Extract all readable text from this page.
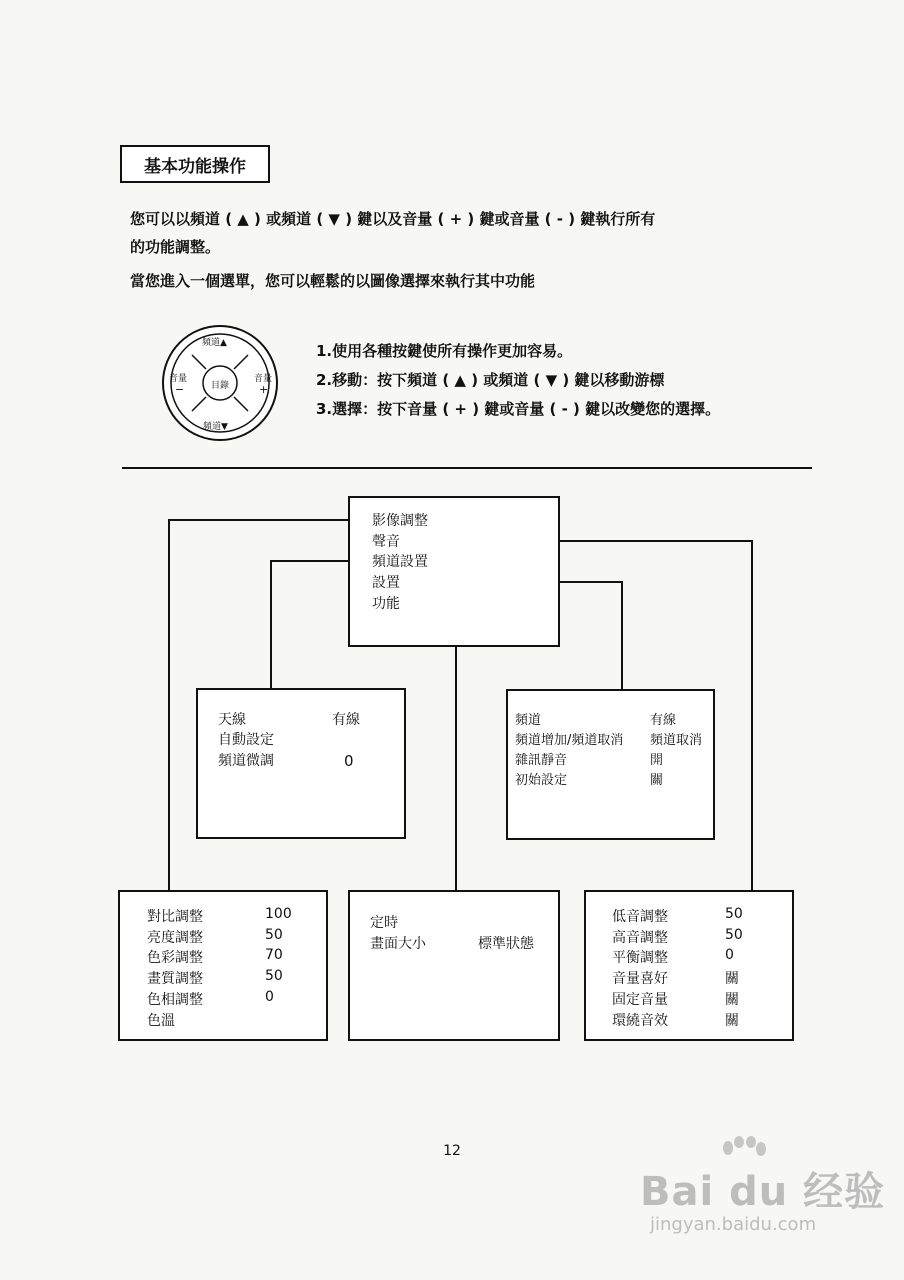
基本功能操作
您可以以頻道 ( ▲ ) 或頻道 ( ▼ ) 鍵以及音量 ( + ) 鍵或音量 ( - ) 鍵執行所有
的功能調整。
當您進入一個選單，您可以輕鬆的以圖像選擇來執行其中功能
頻道▲
頻道▼
音量
−
音量
+
目錄
1.使用各種按鍵使所有操作更加容易。
2.移動：按下頻道 ( ▲ ) 或頻道 ( ▼ ) 鍵以移動游標
3.選擇：按下音量 ( + ) 鍵或音量 ( - ) 鍵以改變您的選擇。
影像調整
聲音
頻道設置
設置
功能
天線	有線
自動設定
頻道微調	0
頻道	有線
頻道增加/頻道取消 頻道取消
雜訊靜音	開
初始設定	關
對比調整	100
亮度調整	50
色彩調整	70
畫質調整	50
色相調整	0
色溫
定時
畫面大小	標準狀態
低音調整	50
高音調整	50
平衡調整	0
音量喜好	關
固定音量	關
環繞音效	關
12
Bai du 经验
jingyan.baidu.com
